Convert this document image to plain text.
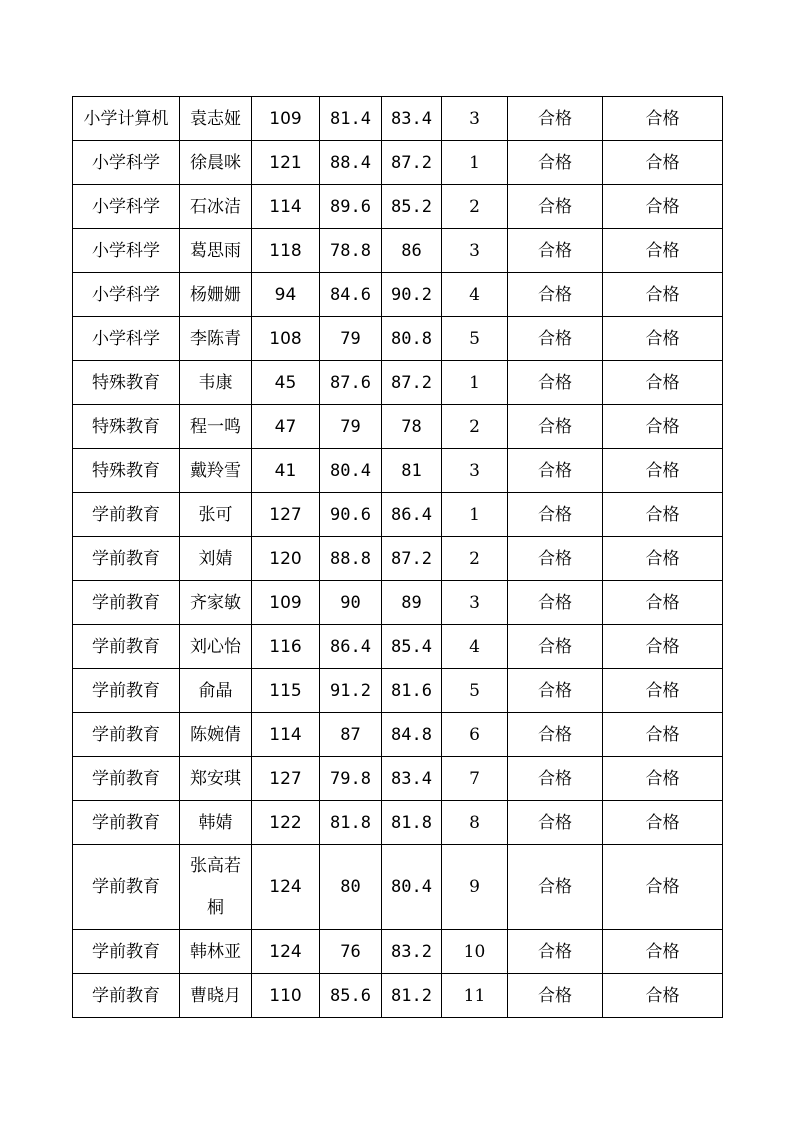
小学计算机	袁志娅	109	81.4	83.4	3	合格	合格
小学科学	徐晨咪	121	88.4	87.2	1	合格	合格
小学科学	石冰洁	114	89.6	85.2	2	合格	合格
小学科学	葛思雨	118	78.8	86	3	合格	合格
小学科学	杨姗姗	94	84.6	90.2	4	合格	合格
小学科学	李陈青	108	79	80.8	5	合格	合格
特殊教育	韦康	45	87.6	87.2	1	合格	合格
特殊教育	程一鸣	47	79	78	2	合格	合格
特殊教育	戴羚雪	41	80.4	81	3	合格	合格
学前教育	张可	127	90.6	86.4	1	合格	合格
学前教育	刘婧	120	88.8	87.2	2	合格	合格
学前教育	齐家敏	109	90	89	3	合格	合格
学前教育	刘心怡	116	86.4	85.4	4	合格	合格
学前教育	俞晶	115	91.2	81.6	5	合格	合格
学前教育	陈婉倩	114	87	84.8	6	合格	合格
学前教育	郑安琪	127	79.8	83.4	7	合格	合格
学前教育	韩婧	122	81.8	81.8	8	合格	合格
学前教育	张高若桐	124	80	80.4	9	合格	合格
学前教育	韩林亚	124	76	83.2	10	合格	合格
学前教育	曹晓月	110	85.6	81.2	11	合格	合格
